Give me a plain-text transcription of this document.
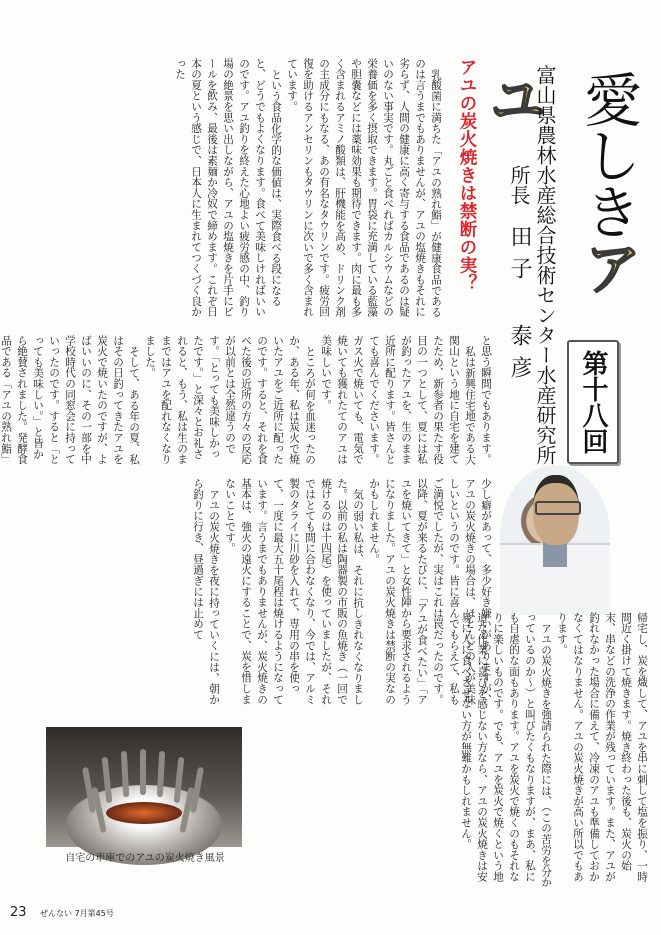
愛しきアユ
第十八回
富山県農林水産総合技術センター水産研究所
所長　田子 泰彦
アユの炭火焼きは禁断の実？

乳酸菌に満ちた「アユの熟れ鮨」が健康食品であるのは言うまでもありませんが、アユの塩焼きもそれに劣らず、人間の健康に高く寄与する食品であるのは疑いのない事実です。丸ごと食べればカルシウムなどの栄養価を多く摂取できます。胃袋に充満している藍藻や胆嚢などには薬味効果も期待できます。肉に最も多く含まれるアミノ酸類は、肝機能を高め、ドリンク剤の主成分にもなる、あの有名なタウリンです。疲労回復を助けるアンセリンもタウリンに次いで多く含まれています。

という食品化学的な価値は、実際食べる段になると、どうでもよくなります。食べて美味しければいいのです。アユ釣りを終えた心地よい疲労感の中、釣り場の絶景を思い出しながら、アユの塩焼きを片手にビールを飲み、最後は素麺か冷奴で締めます。これぞ日本の夏という感じで、日本人に生まれてつくづく良かった

と思う瞬間でもあります。

私は新興住宅地である大関山という地に自宅を建てたため、新参者の果たす役目の一つとして、夏には私が釣ったアユを、生のまま近所に配ります。皆さんとても喜んでくださいます。ガス火で焼いても、電気で焼いても獲れたてのアユは美味しいです。

ところが何を血迷ったのか、ある年、私は炭火で焼いたアユをご近所に配ったのです。すると、それを食べた後の近所の方々の反応が以前とは全然違うのです。「とっても美味しかったです。」と深々とお礼されると、もう、私は生のままではアユを配れなくなりました。

そして、ある年の夏、私はその日釣ってきたアユを炭火で焼いたのですが、よばいいのに、その一部を中学校時代の同窓会に持っていったのです。すると「とっても美味しい。」と皆から絶賛されました。発酵食品である「アユの熟れ鮨」

少し癖があって、多少好き嫌いがありますが、アユの炭火焼きの場合は、ほとんどの人が美味しいというのです。皆に喜んでもらえて、私もご満悦でしたが、実はこれは罠だったのです。以降、夏が来るたびに、「アユが食べたい」「アユを焼いてきて」と女性陣から要求されるようになりました。アユの炭火焼きは禁断の実なのかもしれません。

気の弱い私は、それに抗しきれなくなりました。以前の私は陶器製の市販の魚焼き（一回で焼けるのは十四尾）を使っていましたが、それではとても間に合わなくなり、今では、アルミ製のタライに川砂を入れて、専用の串を使って、一度に最大五十尾程は焼けるようになっています。言うまでもありませんが、炭火焼きの基本は、強火の遠火にすることで、炭を惜しまないことです。

アユの炭火焼きを夜に持っていくには、朝から釣りに行き、昼過ぎには止めて

帰宅し、炭を熾して、アユを串に刺して塩を振り、一時間近く掛けて焼きます。焼き終わった後も、炭火の始末、串などの洗浄の作業が残っています。また、アユが釣れなかった場合に備えて、冷凍のアユも準備しておかなくてはなりません。アユの炭火焼きが高い所以でもあります。

アユの炭火焼きを強請られた際には、（この苦労を分かっているのか～）と叫びたくもなりますが、まあ、私にも自虐的な面もあります。アユを炭火で焼くのもそれなりに楽しいものです。でも、アユを炭火で焼くという地道な作業に喜びを感じない方なら、アユの炭火焼きは安易に人に食べさせない方が無難かもしれません。

自宅の車庫でのアユの炭火焼き風景
23 ぜんない 7月第45号
